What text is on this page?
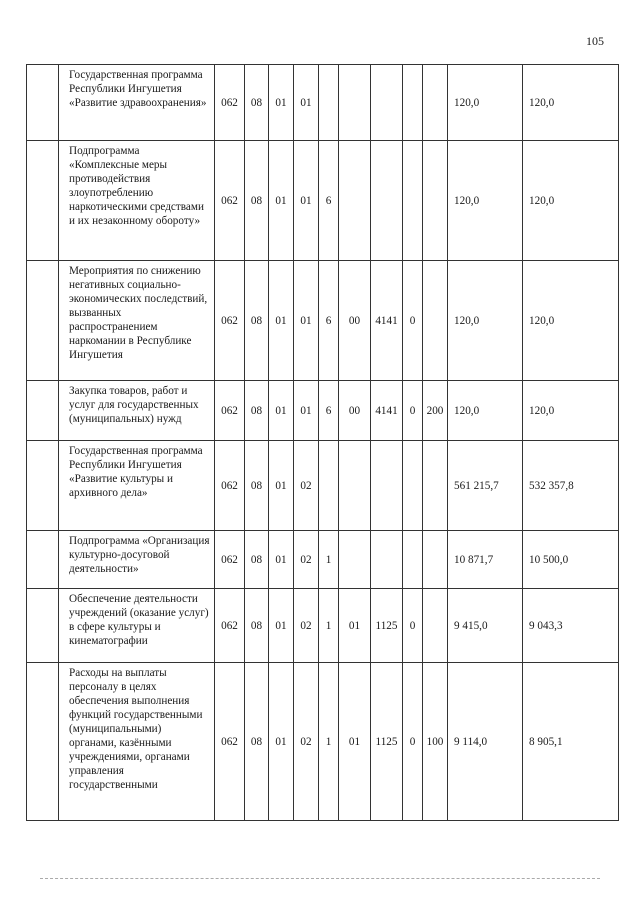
105
	Государственная программа Республики Ингушетия «Развитие здравоохранения»	062	08	01	01						120,0	120,0
	Подпрограмма «Комплексные меры противодействия злоупотреблению наркотическими средствами и их незаконному обороту»	062	08	01	01	6					120,0	120,0
	Мероприятия по снижению негативных социально-экономических последствий, вызванных распространением наркомании в Республике Ингушетия	062	08	01	01	6	00	4141	0		120,0	120,0
	Закупка товаров, работ и услуг для государственных (муниципальных) нужд	062	08	01	01	6	00	4141	0	200	120,0	120,0
	Государственная программа Республики Ингушетия «Развитие культуры и архивного дела»	062	08	01	02						561 215,7	532 357,8
	Подпрограмма «Организация культурно-досуговой деятельности»	062	08	01	02	1					10 871,7	10 500,0
	Обеспечение деятельности учреждений (оказание услуг) в сфере культуры и кинематографии	062	08	01	02	1	01	1125	0		9 415,0	9 043,3
	Расходы на выплаты персоналу в целях обеспечения выполнения функций государственными (муниципальными) органами, казёнными учреждениями, органами управления государственными	062	08	01	02	1	01	1125	0	100	9 114,0	8 905,1
